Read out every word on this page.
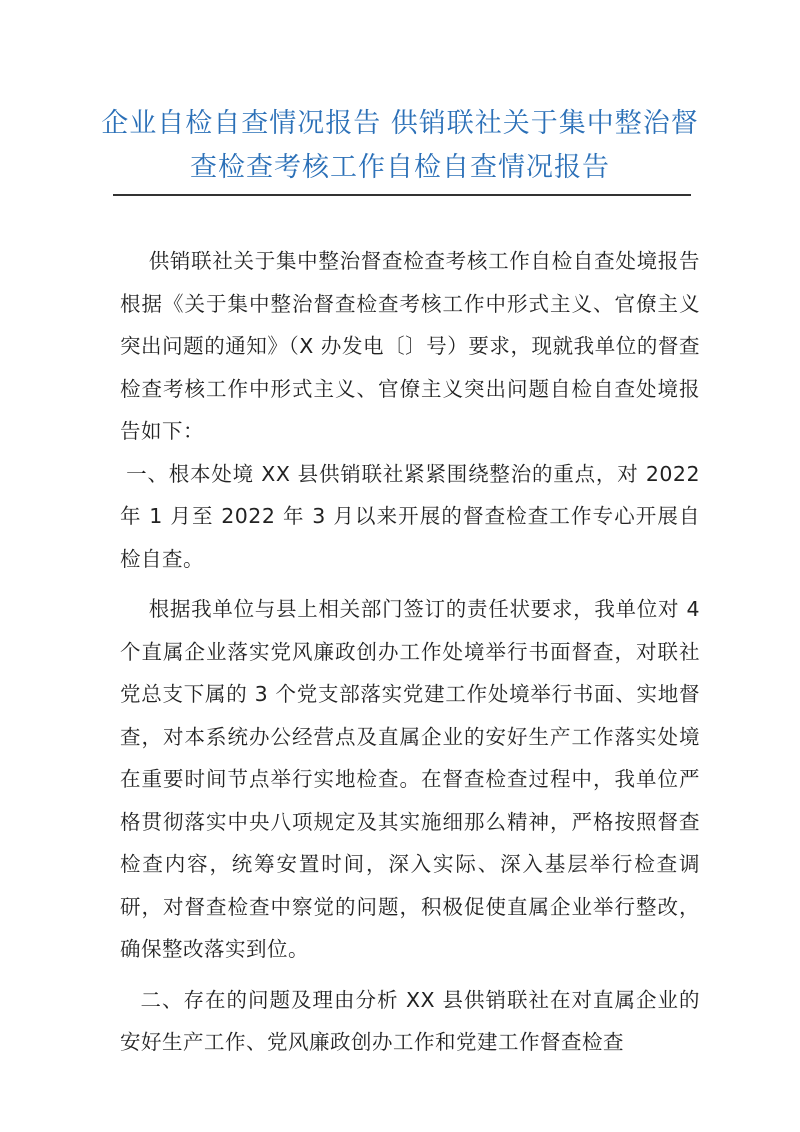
企业自检自查情况报告 供销联社关于集中整治督查检查考核工作自检自查情况报告

供销联社关于集中整治督查检查考核工作自检自查处境报告 根据《关于集中整治督查检查考核工作中形式主义、官僚主义突出问题的通知》（X 办发电〔〕号）要求，现就我单位的督查检查考核工作中形式主义、官僚主义突出问题自检自查处境报告如下：

一、根本处境 XX 县供销联社紧紧围绕整治的重点，对 2022 年 1 月至 2022 年 3 月以来开展的督查检查工作专心开展自检自查。

根据我单位与县上相关部门签订的责任状要求，我单位对 4 个直属企业落实党风廉政创办工作处境举行书面督查，对联社党总支下属的 3 个党支部落实党建工作处境举行书面、实地督查，对本系统办公经营点及直属企业的安好生产工作落实处境在重要时间节点举行实地检查。在督查检查过程中，我单位严格贯彻落实中央八项规定及其实施细那么精神，严格按照督查检查内容，统筹安置时间，深入实际、深入基层举行检查调研，对督查检查中察觉的问题，积极促使直属企业举行整改，确保整改落实到位。

二、存在的问题及理由分析 XX 县供销联社在对直属企业的安好生产工作、党风廉政创办工作和党建工作督查检查
